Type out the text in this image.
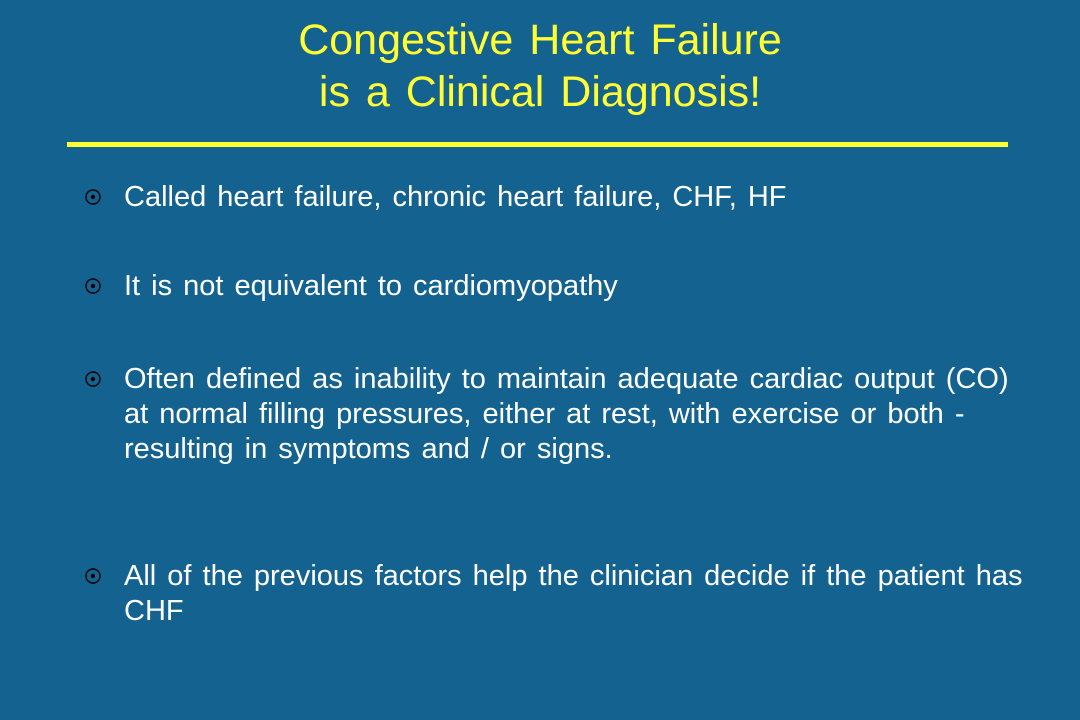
Congestive Heart Failure
is a Clinical Diagnosis!
Called heart failure, chronic heart failure, CHF, HF
It is not equivalent to cardiomyopathy
Often defined as inability to maintain adequate cardiac output (CO) at normal filling pressures, either at rest, with exercise or both - resulting in symptoms and / or signs.
All of the previous factors help the clinician decide if the patient has CHF
